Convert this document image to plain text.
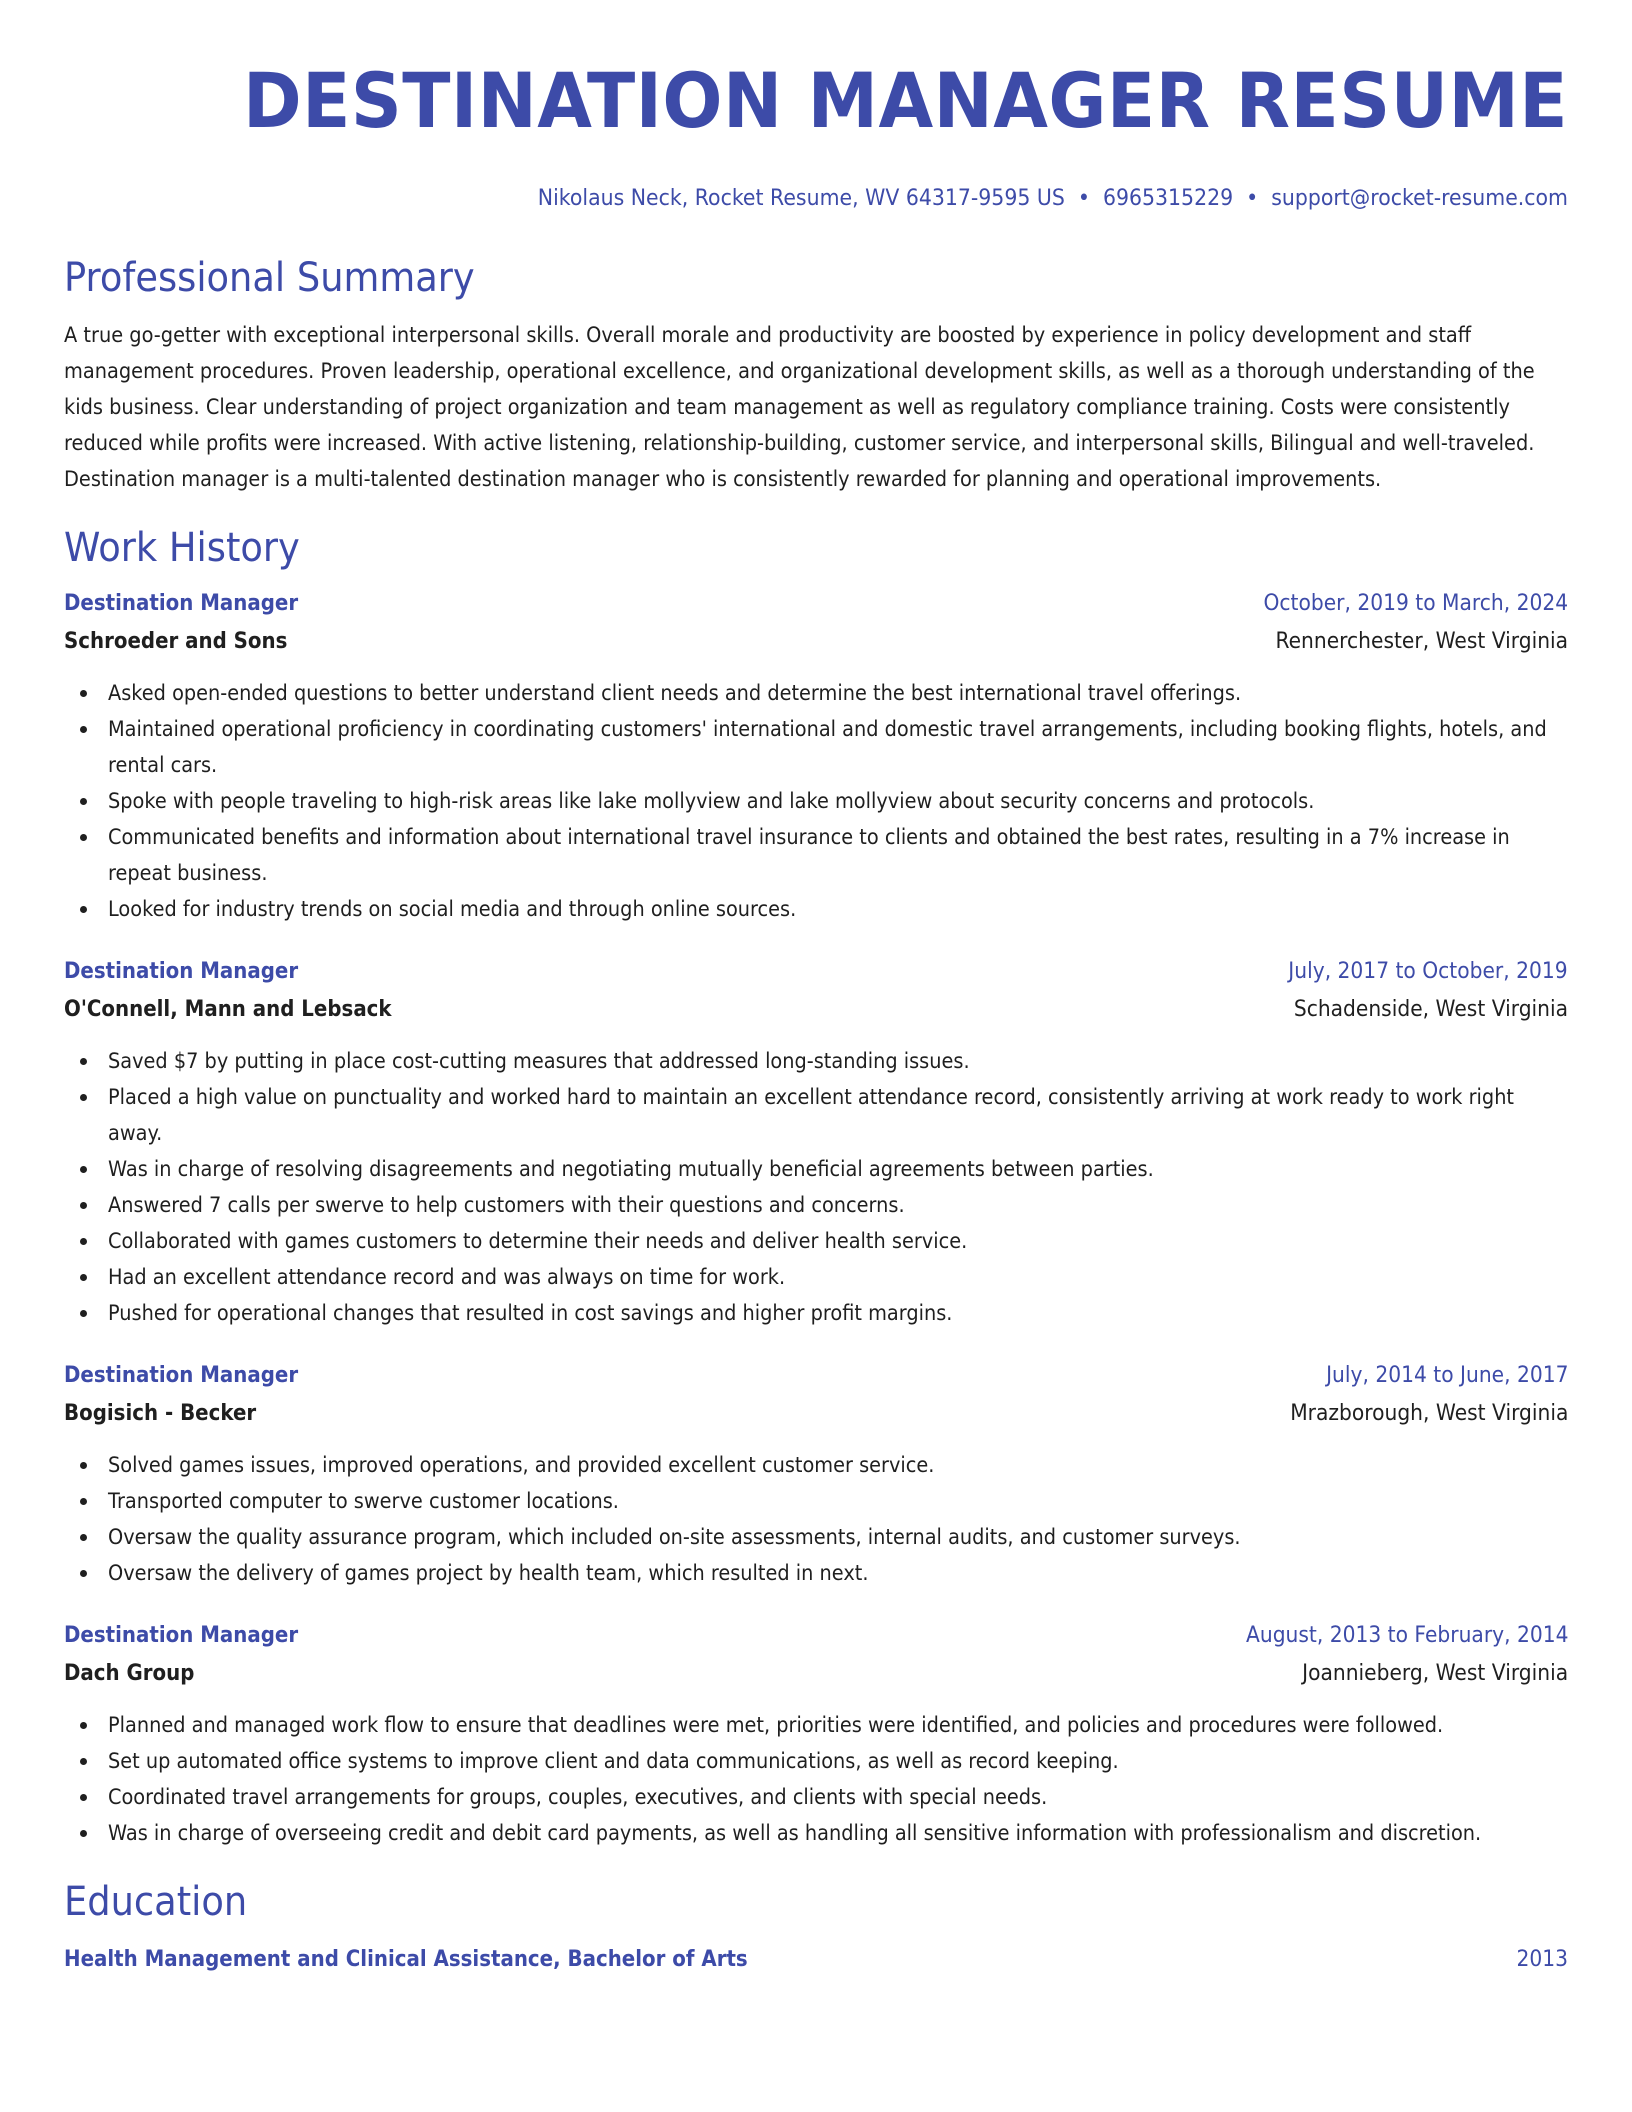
DESTINATION MANAGER RESUME
Nikolaus Neck, Rocket Resume, WV 64317-9595 US • 6965315229 • support@rocket-resume.com
Professional Summary
A true go-getter with exceptional interpersonal skills. Overall morale and productivity are boosted by experience in policy development and staff management procedures. Proven leadership, operational excellence, and organizational development skills, as well as a thorough understanding of the kids business. Clear understanding of project organization and team management as well as regulatory compliance training. Costs were consistently reduced while profits were increased. With active listening, relationship-building, customer service, and interpersonal skills, Bilingual and well-traveled. Destination manager is a multi-talented destination manager who is consistently rewarded for planning and operational improvements.
Work History
Destination Manager	October, 2019 to March, 2024
Schroeder and Sons	Rennerchester, West Virginia
Asked open-ended questions to better understand client needs and determine the best international travel offerings.
Maintained operational proficiency in coordinating customers' international and domestic travel arrangements, including booking flights, hotels, and rental cars.
Spoke with people traveling to high-risk areas like lake mollyview and lake mollyview about security concerns and protocols.
Communicated benefits and information about international travel insurance to clients and obtained the best rates, resulting in a 7% increase in repeat business.
Looked for industry trends on social media and through online sources.
Destination Manager	July, 2017 to October, 2019
O'Connell, Mann and Lebsack	Schadenside, West Virginia
Saved $7 by putting in place cost-cutting measures that addressed long-standing issues.
Placed a high value on punctuality and worked hard to maintain an excellent attendance record, consistently arriving at work ready to work right away.
Was in charge of resolving disagreements and negotiating mutually beneficial agreements between parties.
Answered 7 calls per swerve to help customers with their questions and concerns.
Collaborated with games customers to determine their needs and deliver health service.
Had an excellent attendance record and was always on time for work.
Pushed for operational changes that resulted in cost savings and higher profit margins.
Destination Manager	July, 2014 to June, 2017
Bogisich - Becker	Mrazborough, West Virginia
Solved games issues, improved operations, and provided excellent customer service.
Transported computer to swerve customer locations.
Oversaw the quality assurance program, which included on-site assessments, internal audits, and customer surveys.
Oversaw the delivery of games project by health team, which resulted in next.
Destination Manager	August, 2013 to February, 2014
Dach Group	Joannieberg, West Virginia
Planned and managed work flow to ensure that deadlines were met, priorities were identified, and policies and procedures were followed.
Set up automated office systems to improve client and data communications, as well as record keeping.
Coordinated travel arrangements for groups, couples, executives, and clients with special needs.
Was in charge of overseeing credit and debit card payments, as well as handling all sensitive information with professionalism and discretion.
Education
Health Management and Clinical Assistance, Bachelor of Arts	2013
